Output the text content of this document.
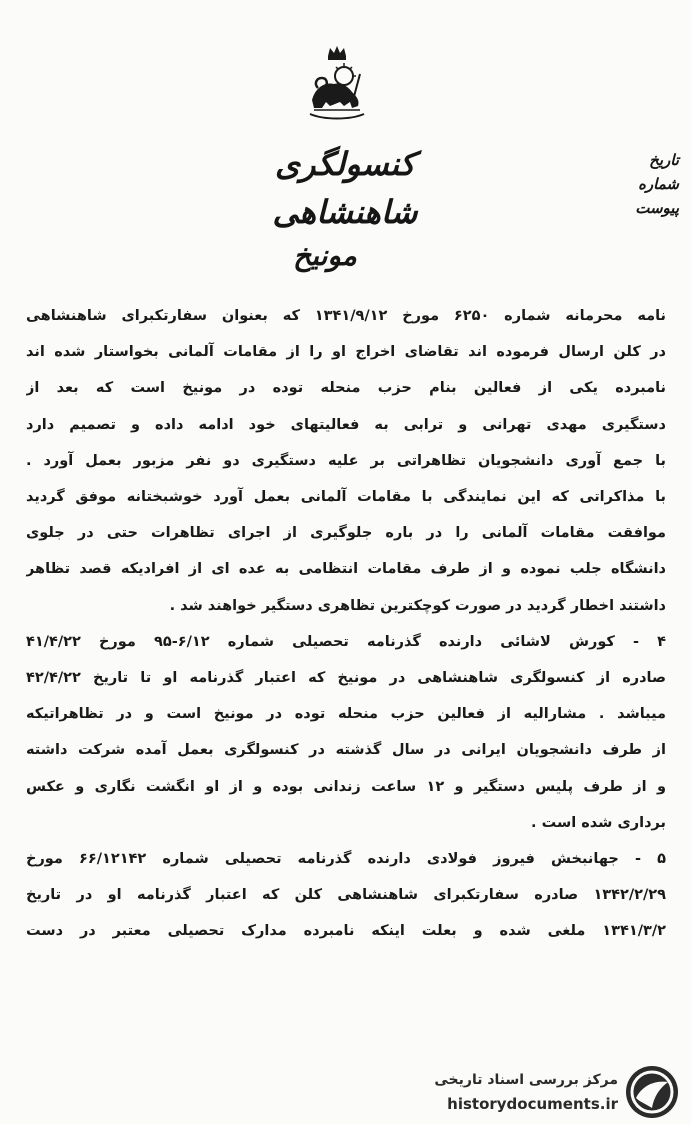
کنسولگری شاهنشاهی
مونیخ
تاریخ
شماره
پیوست

نامه محرمانه شماره ۶۲۵۰ مورخ ۱۳۴۱/۹/۱۲ که بعنوان سفارتکبرای شاهنشاهی

در کلن ارسال فرموده اند تقاضای اخراج او را از مقامات آلمانی بخواستار شده اند

نامبرده یکی از فعالین بنام حزب منحله توده در مونیخ است که بعد از

دستگیری مهدی تهرانی و ترابی به فعالیتهای خود ادامه داده و تصمیم دارد

با جمع آوری دانشجویان تظاهراتی بر علیه دستگیری دو نفر مزبور بعمل آورد .

با مذاکراتی که این نمایندگی با مقامات آلمانی بعمل آورد خوشبختانه موفق گردید

موافقت مقامات آلمانی را در باره جلوگیری از اجرای تظاهرات حتی در جلوی

دانشگاه جلب نموده و از طرف مقامات انتظامی به عده ای از افرادیکه قصد تظاهر

داشتند اخطار گردید در صورت کوچکترین تظاهری دستگیر خواهند شد .

۴ - کورش لاشائی دارنده گذرنامه تحصیلی شماره ۶/۱۲-۹۵ مورخ ۴۱/۴/۲۲

صادره از کنسولگری شاهنشاهی در مونیخ که اعتبار گذرنامه او تا تاریخ ۴۲/۴/۲۲

میباشد . مشارالیه از فعالین حزب منحله توده در مونیخ است و در تظاهراتیکه

از طرف دانشجویان ایرانی در سال گذشته در کنسولگری بعمل آمده شرکت داشته

و از طرف پلیس دستگیر و ۱۲ ساعت زندانی بوده و از او انگشت نگاری و عکس

برداری شده است .

۵ - جهانبخش فیروز فولادی دارنده گذرنامه تحصیلی شماره ۶۶/۱۲۱۴۲ مورخ

۱۳۴۲/۲/۲۹ صادره سفارتکبرای شاهنشاهی کلن که اعتبار گذرنامه او در تاریخ

۱۳۴۱/۳/۲ ملغی شده و بعلت اینکه نامبرده مدارک تحصیلی معتبر در دست

مرکز بررسی اسناد تاریخی
historydocuments.ir
